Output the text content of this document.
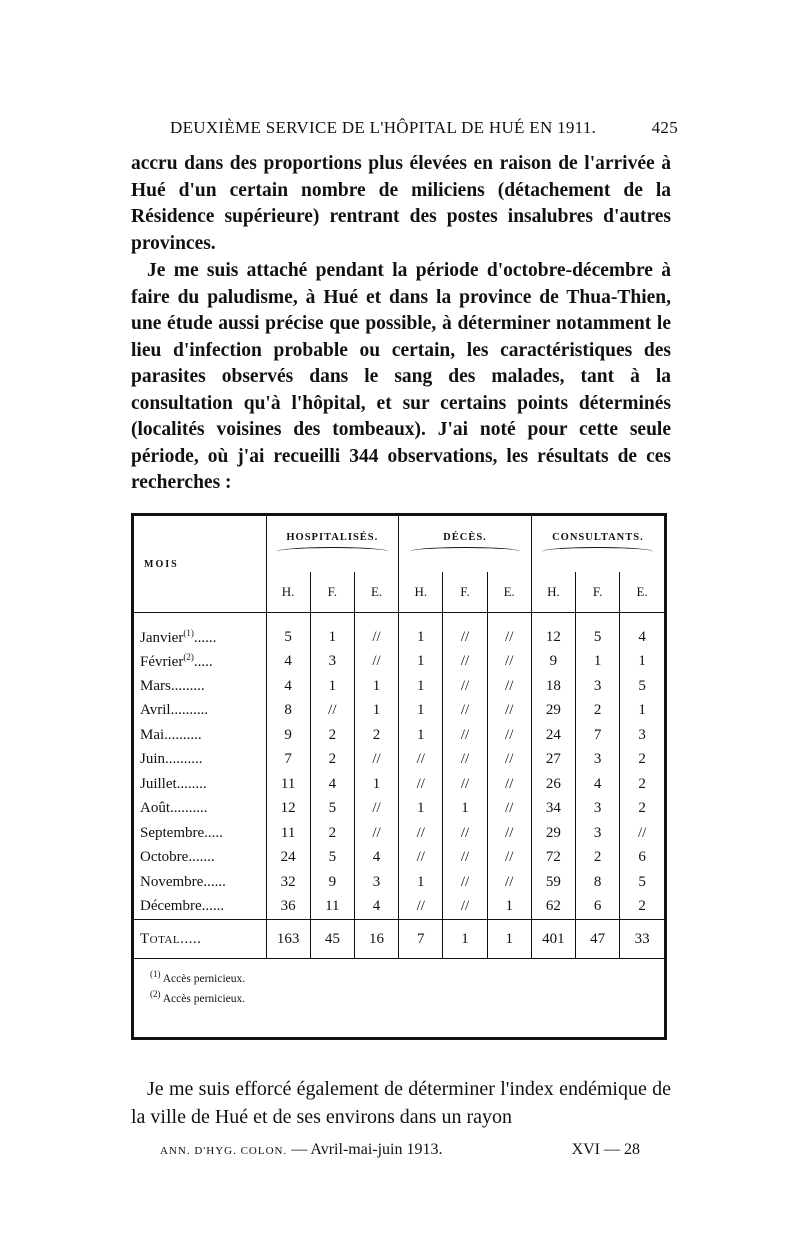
DEUXIÈME SERVICE DE L'HÔPITAL DE HUÉ EN 1911.	425
accru dans des proportions plus élevées en raison de l'arrivée à Hué d'un certain nombre de miliciens (détachement de la Résidence supérieure) rentrant des postes insalubres d'autres provinces.
Je me suis attaché pendant la période d'octobre-décembre à faire du paludisme, à Hué et dans la province de Thua-Thien, une étude aussi précise que possible, à déterminer notamment le lieu d'infection probable ou certain, les caractéristiques des parasites observés dans le sang des malades, tant à la consultation qu'à l'hôpital, et sur certains points déterminés (localités voisines des tombeaux). J'ai noté pour cette seule période, où j'ai recueilli 344 observations, les résultats de ces recherches :
MOIS	HOSPITALISÉS.			DÉCÈS.			CONSULTANTS.		

	H.	F.	E.	H.	F.	E.	H.	F.	E.
Janvier$^{(1)}$......	5	1	//	1	//	//	12	5	4
Février$^{(2)}$.....	4	3	//	1	//	//	9	1	1
Mars.........	4	1	1	1	//	//	18	3	5
Avril..........	8	//	1	1	//	//	29	2	1
Mai..........	9	2	2	1	//	//	24	7	3
Juin..........	7	2	//	//	//	//	27	3	2
Juillet........	11	4	1	//	//	//	26	4	2
Août..........	12	5	//	1	1	//	34	3	2
Septembre.....	11	2	//	//	//	//	29	3	//
Octobre.......	24	5	4	//	//	//	72	2	6
Novembre......	32	9	3	1	//	//	59	8	5
Décembre......	36	11	4	//	//	1	62	6	2
Total.....	163	45	16	7	1	1	401	47	33
$^{(1)}$ Accès pernicieux.
$^{(2)}$ Accès pernicieux.
Je me suis efforcé également de déterminer l'index endémique de la ville de Hué et de ses environs dans un rayon
ANN. D'HYG. COLON. — Avril-mai-juin 1913.	XVI — 28
